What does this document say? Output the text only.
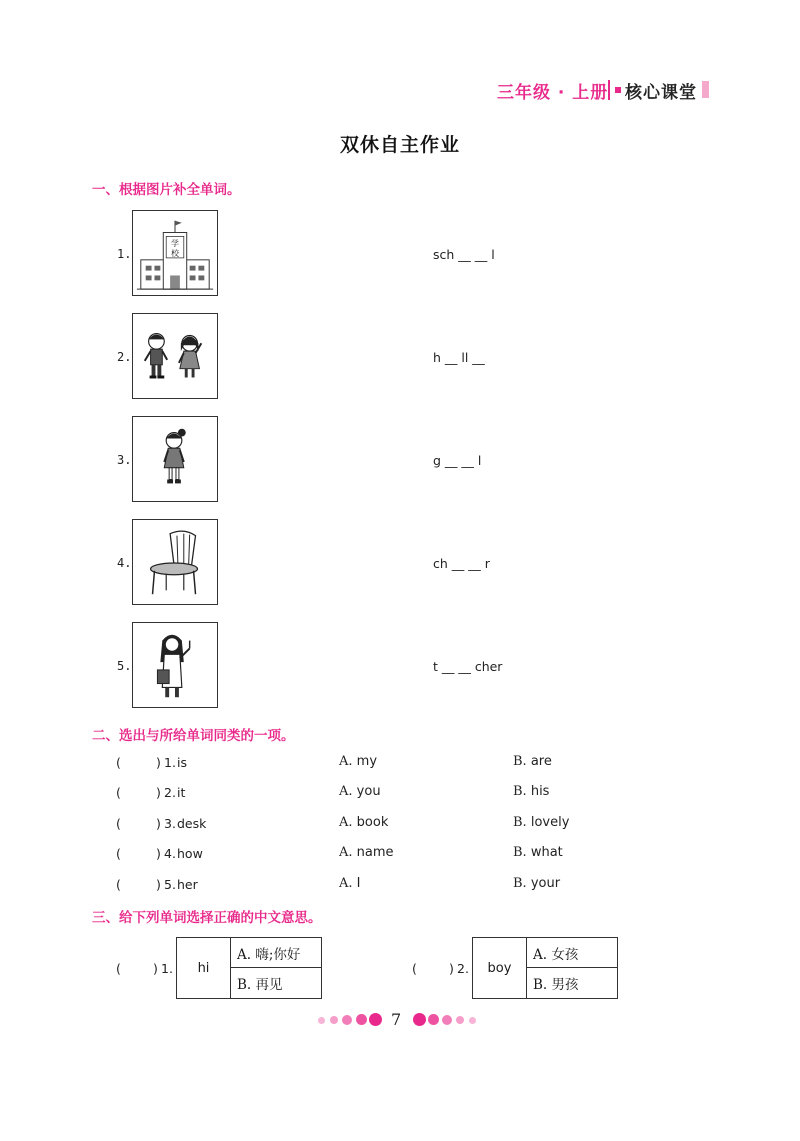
三年级 · 上册 核心课堂
双休自主作业
一、根据图片补全单词。
1.
学
校	sch __ __ l
2.	h __ ll __
3.	g __ __ l
4.	ch __ __ r
5.	t __ __ cher
二、选出与所给单词同类的一项。
(	) 1. is	A. my	B. are
(	) 2. it	A. you	B. his
(	) 3. desk	A. book	B. lovely
(	) 4. how	A. name	B. what
(	) 5. her	A. I	B. your
三、给下列单词选择正确的中文意思。
(	) 1.	hi
A. 嗨;你好
B. 再见
(	) 2.	boy
A. 女孩
B. 男孩
7
